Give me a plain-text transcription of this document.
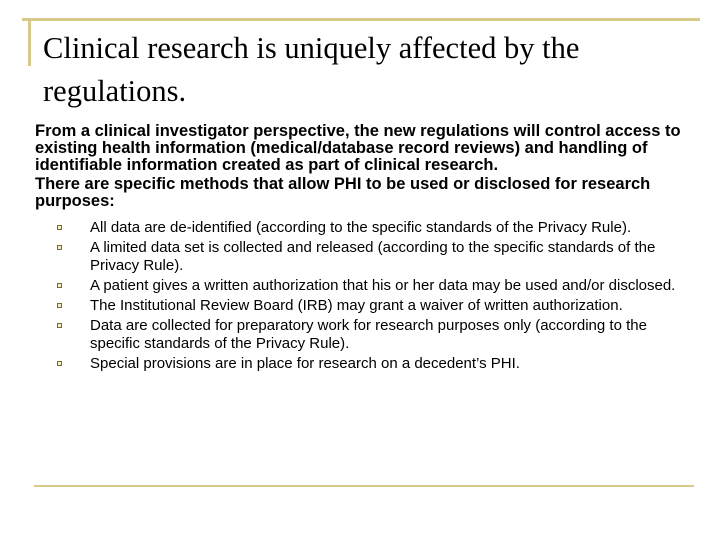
Clinical research is uniquely affected by the regulations.

From a clinical investigator perspective, the new regulations will control access to existing health information (medical/database record reviews) and handling of identifiable information created as part of clinical research.

There are specific methods that allow PHI to be used or disclosed for research purposes:

All data are de-identified (according to the specific standards of the Privacy Rule).
A limited data set is collected and released (according to the specific standards of the Privacy Rule).
A patient gives a written authorization that his or her data may be used and/or disclosed.
The Institutional Review Board (IRB) may grant a waiver of written authorization.
Data are collected for preparatory work for research purposes only (according to the specific standards of the Privacy Rule).
Special provisions are in place for research on a decedent’s PHI.
